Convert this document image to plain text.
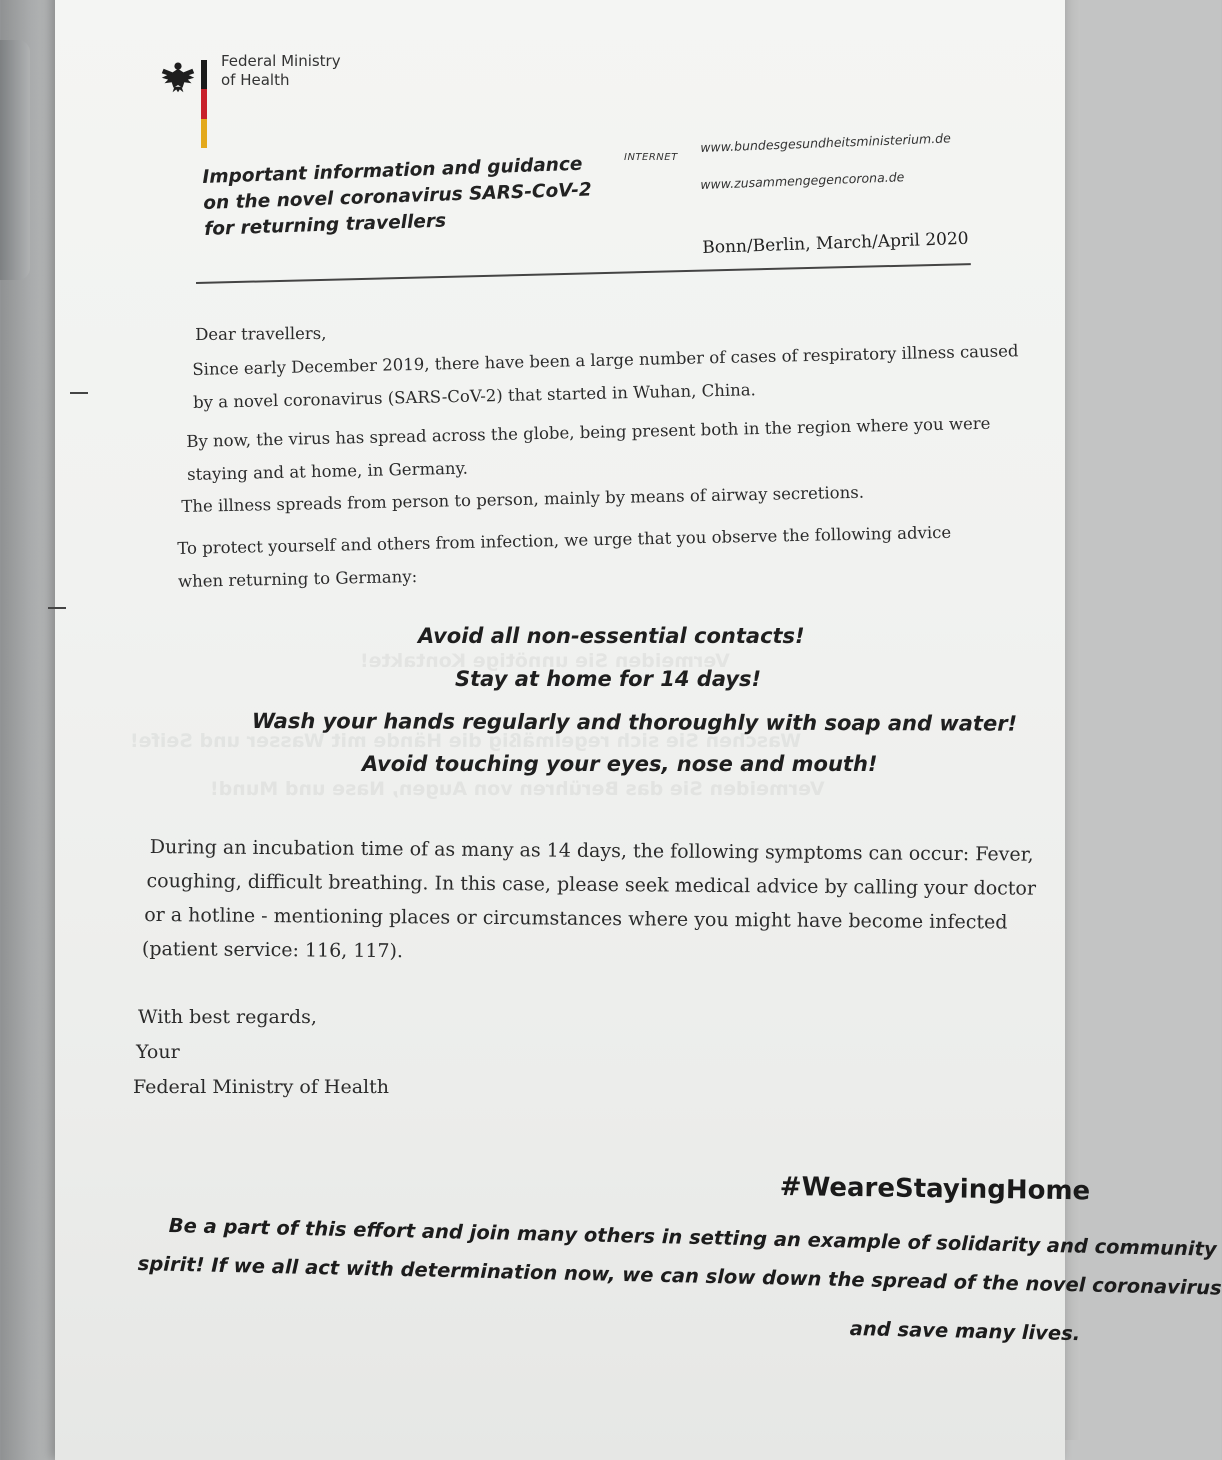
Vermeiden Sie unnötige Kontakte!
Waschen Sie sich regelmäßig die Hände mit Wasser und Seife!
Vermeiden Sie das Berühren von Augen, Nase und Mund!
Federal Ministry
of Health
Important information and guidance
on the novel coronavirus SARS-CoV-2
for returning travellers
INTERNET
www.bundesgesundheitsministerium.de
www.zusammengegencorona.de
Bonn/Berlin, March/April 2020
Dear travellers,
Since early December 2019, there have been a large number of cases of respiratory illness caused
by a novel coronavirus (SARS-CoV-2) that started in Wuhan, China.
By now, the virus has spread across the globe, being present both in the region where you were
staying and at home, in Germany.
The illness spreads from person to person, mainly by means of airway secretions.
To protect yourself and others from infection, we urge that you observe the following advice
when returning to Germany:
Avoid all non-essential contacts!
Stay at home for 14 days!
Wash your hands regularly and thoroughly with soap and water!
Avoid touching your eyes, nose and mouth!
During an incubation time of as many as 14 days, the following symptoms can occur: Fever,
coughing, difficult breathing. In this case, please seek medical advice by calling your doctor
or a hotline - mentioning places or circumstances where you might have become infected
(patient service: 116, 117).
With best regards,
Your
Federal Ministry of Health
#WeareStayingHome
Be a part of this effort and join many others in setting an example of solidarity and community
spirit! If we all act with determination now, we can slow down the spread of the novel coronavirus
and save many lives.
